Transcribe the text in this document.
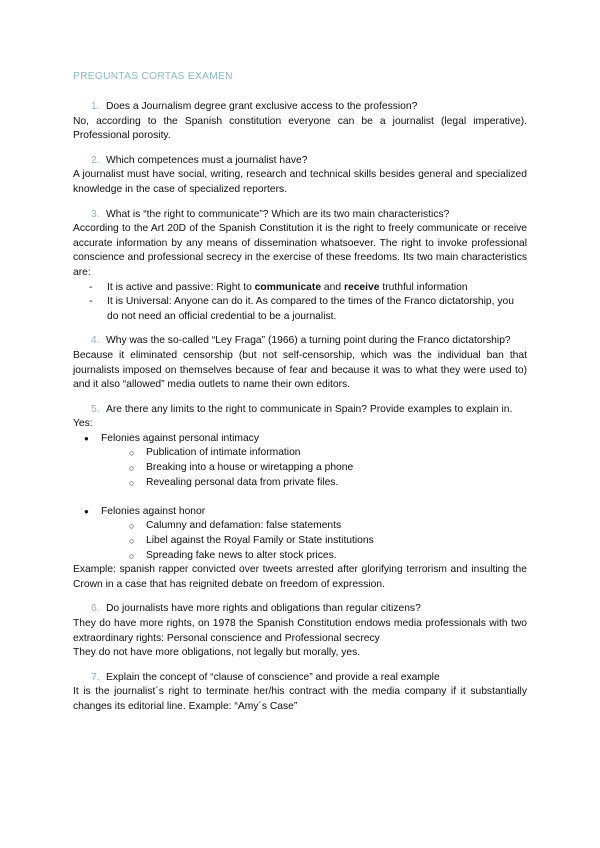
PREGUNTAS CORTAS EXAMEN
1. Does a Journalism degree grant exclusive access to the profession?

No, according to the Spanish constitution everyone can be a journalist (legal imperative). Professional porosity.

2. Which competences must a journalist have?

A journalist must have social, writing, research and technical skills besides general and specialized knowledge in the case of specialized reporters.

3. What is “the right to communicate”? Which are its two main characteristics?

According to the Art 20D of the Spanish Constitution it is the right to freely communicate or receive accurate information by any means of dissemination whatsoever. The right to invoke professional conscience and professional secrecy in the exercise of these freedoms. Its two main characteristics are:

-	It is active and passive: Right to communicate and receive truthful information
-	It is Universal: Anyone can do it. As compared to the times of the Franco dictatorship, you do not need an official credential to be a journalist.
4. Why was the so-called “Ley Fraga” (1966) a turning point during the Franco dictatorship?

Because it eliminated censorship (but not self-censorship, which was the individual ban that journalists imposed on themselves because of fear and because it was to what they were used to) and it also “allowed” media outlets to name their own editors.

5. Are there any limits to the right to communicate in Spain? Provide examples to explain in.

Yes:

●	Felonies against personal intimacy
○	Publication of intimate information
○	Breaking into a house or wiretapping a phone
○	Revealing personal data from private files.
●	Felonies against honor
○	Calumny and defamation: false statements
○	Libel against the Royal Family or State institutions
○	Spreading fake news to alter stock prices.

Example: spanish rapper convicted over tweets arrested after glorifying terrorism and insulting the Crown in a case that has reignited debate on freedom of expression.

6. Do journalists have more rights and obligations than regular citizens?

They do have more rights, on 1978 the Spanish Constitution endows media professionals with two extraordinary rights: Personal conscience and Professional secrecy

They do not have more obligations, not legally but morally, yes.

7. Explain the concept of “clause of conscience” and provide a real example

It is the journalist´s right to terminate her/his contract with the media company if it substantially changes its editorial line. Example: “Amy´s Case”
